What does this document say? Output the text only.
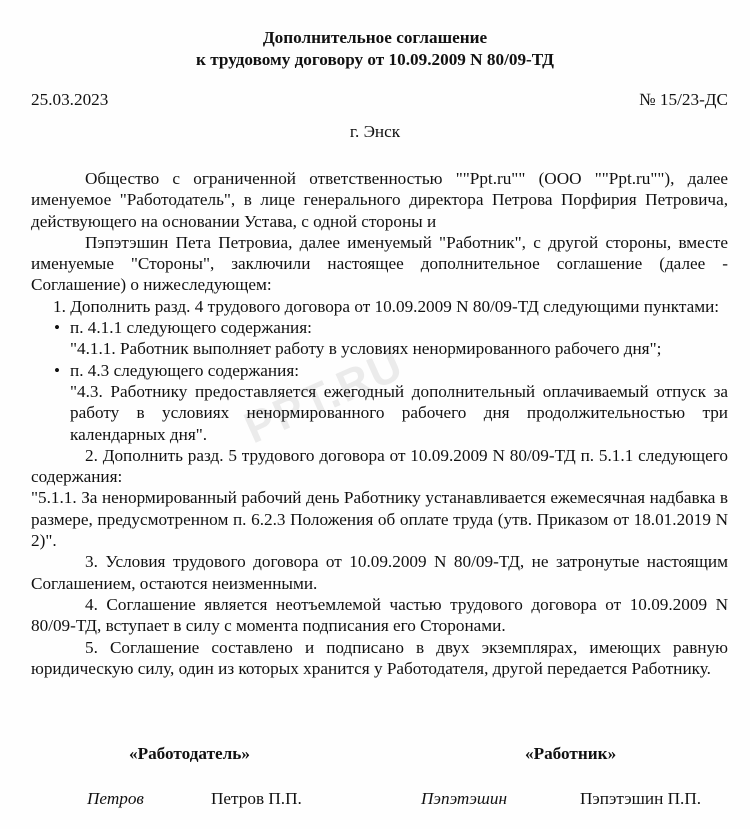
Дополнительное соглашение
к трудовому договору от 10.09.2009 N 80/09-ТД
25.03.2023	№ 15/23-ДС
г. Энск
PPT.RU

Общество с ограниченной ответственностью ""Ppt.ru"" (ООО ""Ppt.ru""), далее именуемое "Работодатель", в лице генерального директора Петрова Порфирия Петровича, действующего на основании Устава, с одной стороны и

Пэпэтэшин Пета Петровиа, далее именуемый "Работник", с другой стороны, вместе именуемые "Стороны", заключили настоящее дополнительное соглашение (далее - Соглашение) о нижеследующем:

1. Дополнить разд. 4 трудового договора от 10.09.2009 N 80/09-ТД следующими пунктами:

• п. 4.1.1 следующего содержания:

"4.1.1. Работник выполняет работу в условиях ненормированного рабочего дня";

• п. 4.3 следующего содержания:

"4.3. Работнику предоставляется ежегодный дополнительный оплачиваемый отпуск за работу в условиях ненормированного рабочего дня продолжительностью три календарных дня".

2. Дополнить разд. 5 трудового договора от 10.09.2009 N 80/09-ТД п. 5.1.1 следующего содержания:

"5.1.1. За ненормированный рабочий день Работнику устанавливается ежемесячная надбавка в размере, предусмотренном п. 6.2.3 Положения об оплате труда (утв. Приказом от 18.01.2019 N 2)".

3. Условия трудового договора от 10.09.2009 N 80/09-ТД, не затронутые настоящим Соглашением, остаются неизменными.

4. Соглашение является неотъемлемой частью трудового договора от 10.09.2009 N 80/09-ТД, вступает в силу с момента подписания его Сторонами.

5. Соглашение составлено и подписано в двух экземплярах, имеющих равную юридическую силу, один из которых хранится у Работодателя, другой передается Работнику.

«Работодатель»	«Работник»
Петров	Петров П.П.	Пэпэтэшин	Пэпэтэшин П.П.
